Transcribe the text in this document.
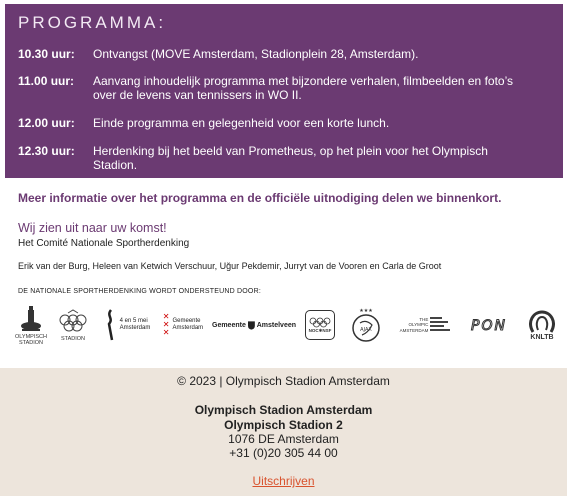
PROGRAMMA:
10.30 uur:	Ontvangst (MOVE Amsterdam, Stadionplein 28, Amsterdam).
11.00 uur:	Aanvang inhoudelijk programma met bijzondere verhalen, filmbeelden en foto’s over de levens van tennissers in WO II.
12.00 uur:	Einde programma en gelegenheid voor een korte lunch.
12.30 uur:	Herdenking bij het beeld van Prometheus, op het plein voor het Olympisch Stadion.
Meer informatie over het programma en de officiële uitnodiging delen we binnenkort.
Wij zien uit naar uw komst!
Het Comité Nationale Sportherdenking
Erik van der Burg, Heleen van Ketwich Verschuur, Uğur Pekdemir, Jurryt van de Vooren en Carla de Groot
DE NATIONALE SPORTHERDENKING WORDT ONDERSTEUND DOOR:
OLYMPISCH STADION
STADION
4 en 5 mei
Amsterdam
✕
✕
✕
Gemeente
Amsterdam Gemeente Amstelveen
NOC✱NSF
★★★
AJAX
THE
OLYMPIC
AMSTERDAM	PON
KNLTB
© 2023 | Olympisch Stadion Amsterdam
Olympisch Stadion Amsterdam
Olympisch Stadion 2
1076 DE Amsterdam
+31 (0)20 305 44 00
Uitschrijven
